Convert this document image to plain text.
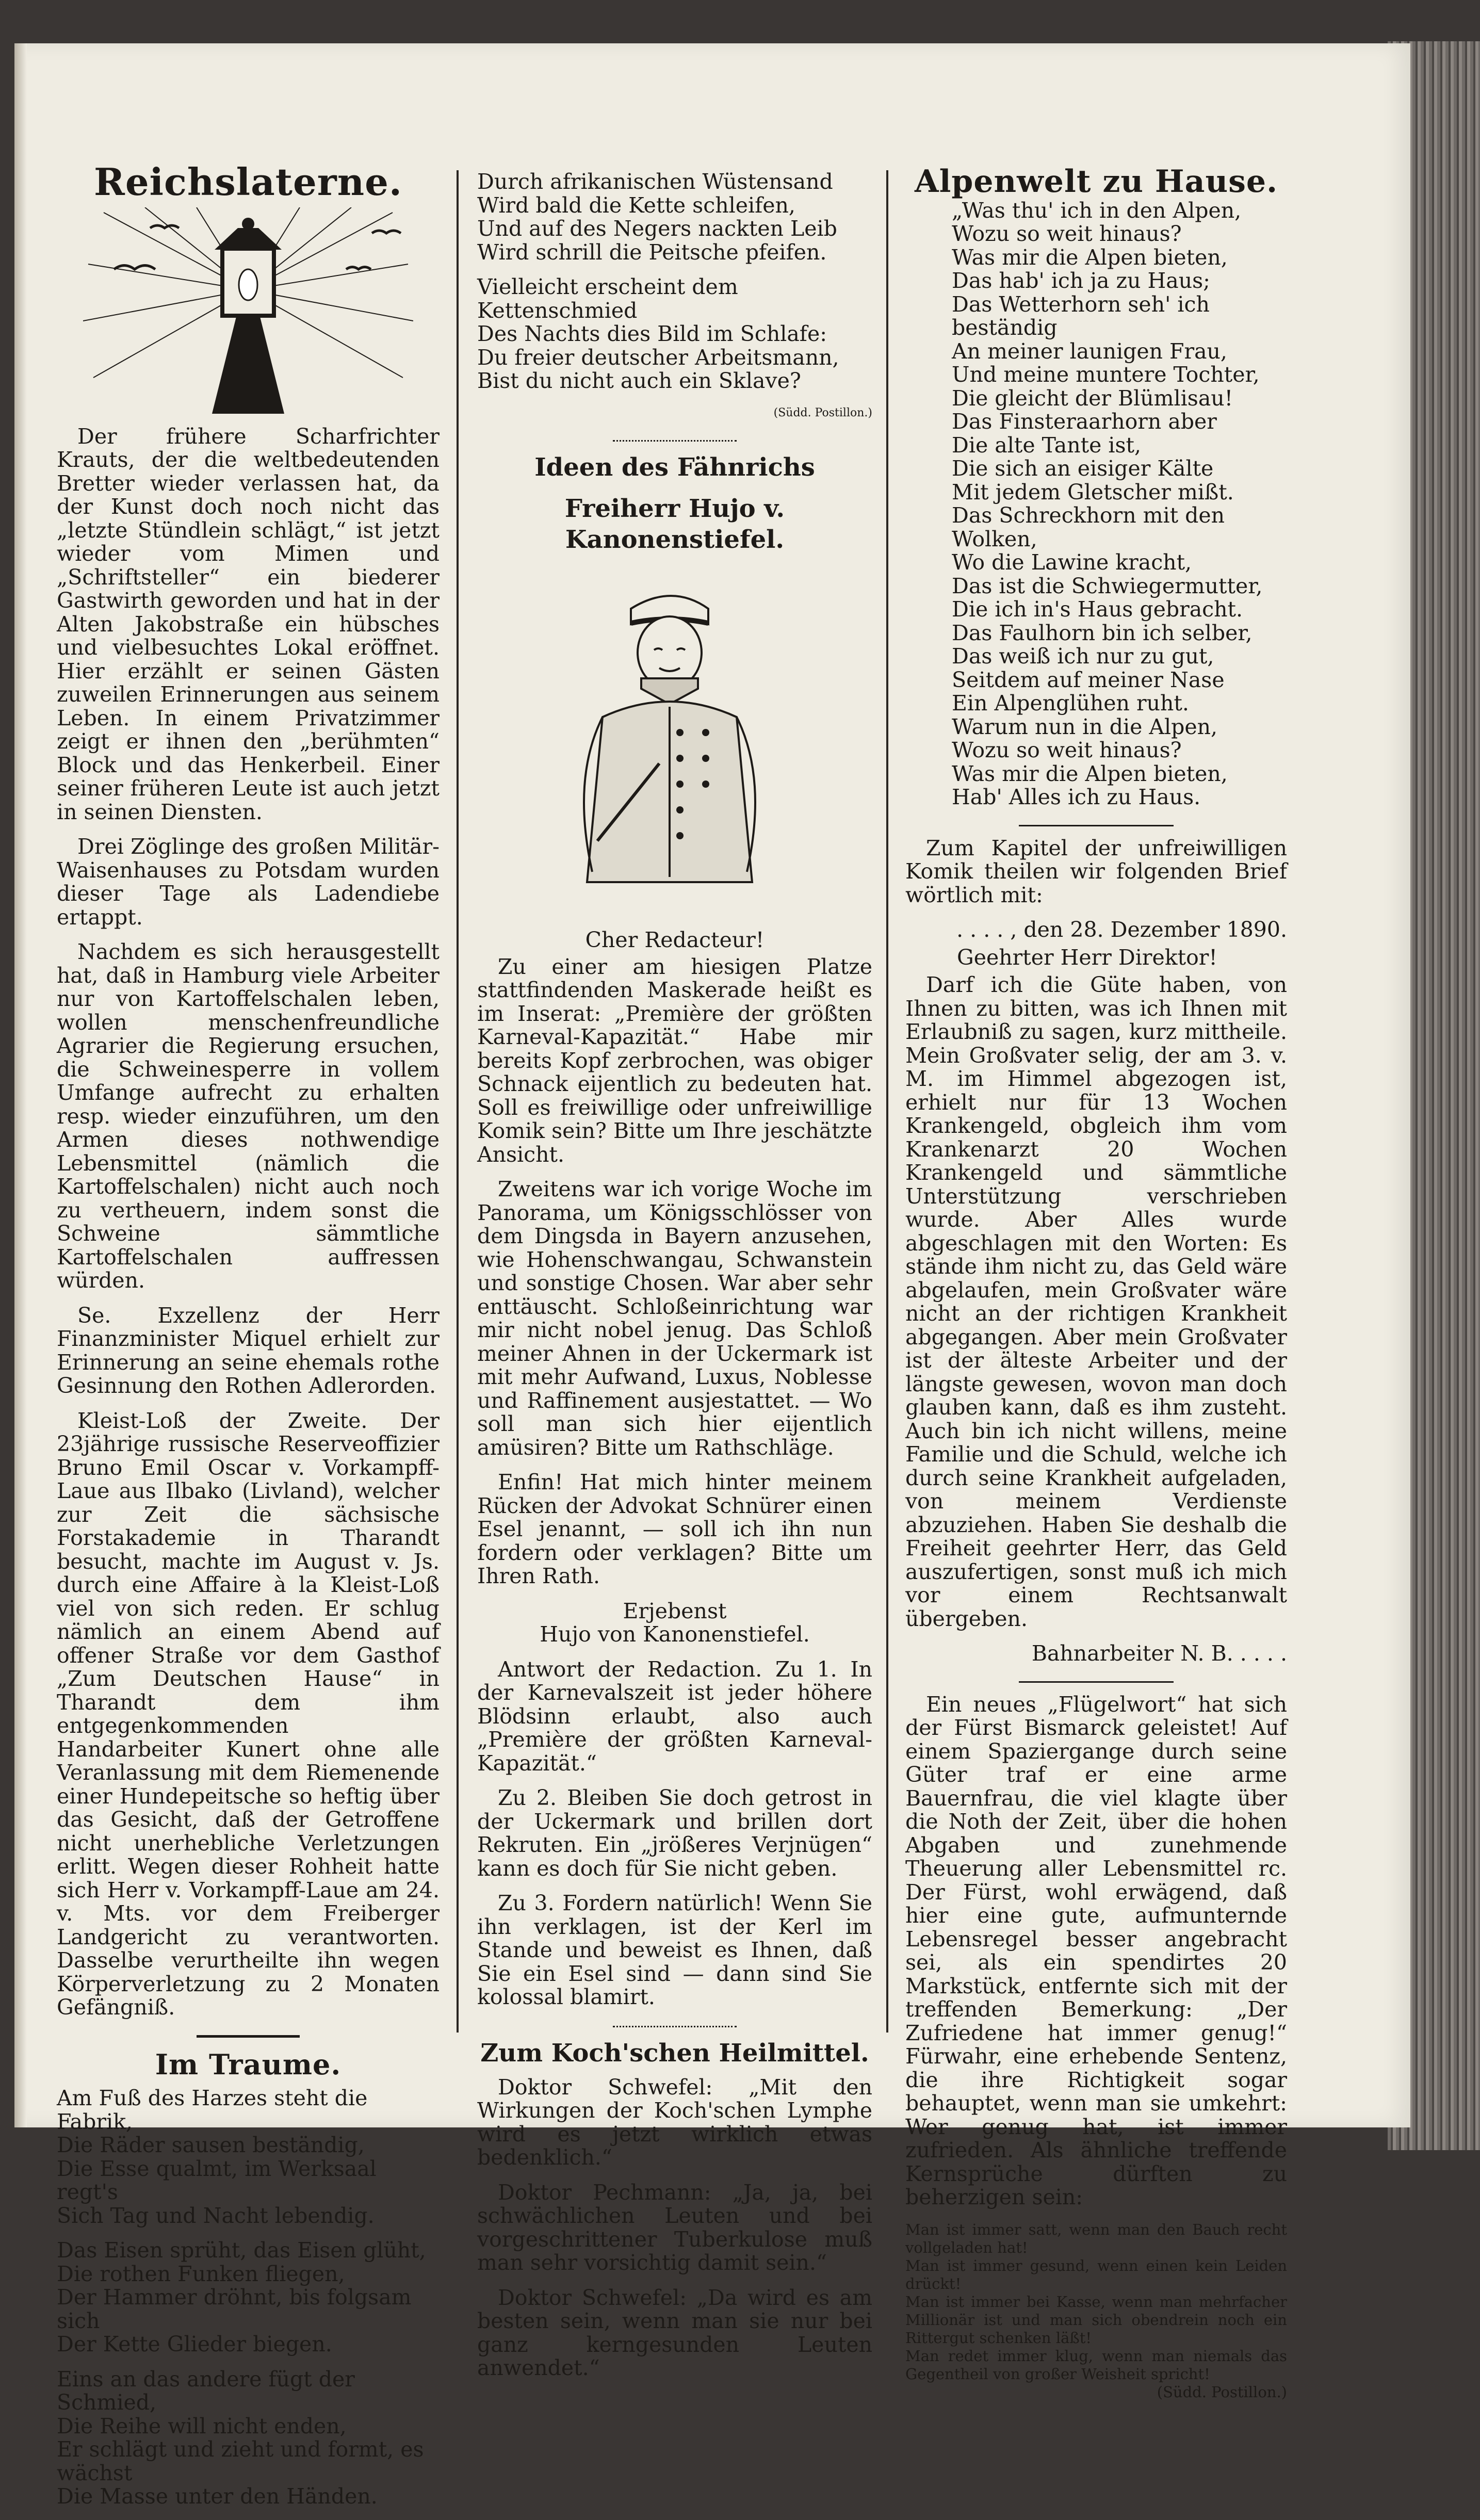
Reichslaterne.

Der frühere Scharfrichter Krauts, der die weltbedeutenden Bretter wieder verlassen hat, da der Kunst doch noch nicht das „letzte Stündlein schlägt,“ ist jetzt wieder vom Mimen und „Schriftsteller“ ein biederer Gastwirth geworden und hat in der Alten Jakobstraße ein hübsches und vielbesuchtes Lokal eröffnet. Hier erzählt er seinen Gästen zuweilen Erinnerungen aus seinem Leben. In einem Privatzimmer zeigt er ihnen den „berühmten“ Block und das Henkerbeil. Einer seiner früheren Leute ist auch jetzt in seinen Diensten.

Drei Zöglinge des großen Militär-Waisenhauses zu Potsdam wurden dieser Tage als Ladendiebe ertappt.

Nachdem es sich herausgestellt hat, daß in Hamburg viele Arbeiter nur von Kartoffelschalen leben, wollen menschenfreundliche Agrarier die Regierung ersuchen, die Schweinesperre in vollem Umfange aufrecht zu erhalten resp. wieder einzuführen, um den Armen dieses nothwendige Lebensmittel (nämlich die Kartoffelschalen) nicht auch noch zu vertheuern, indem sonst die Schweine sämmtliche Kartoffelschalen auffressen würden.

Se. Exzellenz der Herr Finanzminister Miquel erhielt zur Erinnerung an seine ehemals rothe Gesinnung den Rothen Adlerorden.

Kleist-Loß der Zweite. Der 23jährige russische Reserveoffizier Bruno Emil Oscar v. Vorkampff-Laue aus Ilbako (Livland), welcher zur Zeit die sächsische Forstakademie in Tharandt besucht, machte im August v. Js. durch eine Affaire à la Kleist-Loß viel von sich reden. Er schlug nämlich an einem Abend auf offener Straße vor dem Gasthof „Zum Deutschen Hause“ in Tharandt dem ihm entgegenkommenden Handarbeiter Kunert ohne alle Veranlassung mit dem Riemenende einer Hundepeitsche so heftig über das Gesicht, daß der Getroffene nicht unerhebliche Verletzungen erlitt. Wegen dieser Rohheit hatte sich Herr v. Vorkampff-Laue am 24. v. Mts. vor dem Freiberger Landgericht zu verantworten. Dasselbe verurtheilte ihn wegen Körperverletzung zu 2 Monaten Gefängniß.

Im Traume.
Am Fuß des Harzes steht die Fabrik,
Die Räder sausen beständig,
Die Esse qualmt, im Werksaal regt's
Sich Tag und Nacht lebendig.
Das Eisen sprüht, das Eisen glüht,
Die rothen Funken fliegen,
Der Hammer dröhnt, bis folgsam sich
Der Kette Glieder biegen.
Eins an das andere fügt der Schmied,
Die Reihe will nicht enden,
Er schlägt und zieht und formt, es wächst
Die Masse unter den Händen.
Durch afrikanischen Wüstensand
Wird bald die Kette schleifen,
Und auf des Negers nackten Leib
Wird schrill die Peitsche pfeifen.
Vielleicht erscheint dem Kettenschmied
Des Nachts dies Bild im Schlafe:
Du freier deutscher Arbeitsmann,
Bist du nicht auch ein Sklave?
(Südd. Postillon.)
Ideen des Fähnrichs
Freiherr Hujo v. Kanonenstiefel.
Cher Redacteur!

Zu einer am hiesigen Platze stattfindenden Maskerade heißt es im Inserat: „Première der größten Karneval-Kapazität.“ Habe mir bereits Kopf zerbrochen, was obiger Schnack eijentlich zu bedeuten hat. Soll es freiwillige oder unfreiwillige Komik sein? Bitte um Ihre jeschätzte Ansicht.

Zweitens war ich vorige Woche im Panorama, um Königsschlösser von dem Dingsda in Bayern anzusehen, wie Hohenschwangau, Schwanstein und sonstige Chosen. War aber sehr enttäuscht. Schloßeinrichtung war mir nicht nobel jenug. Das Schloß meiner Ahnen in der Uckermark ist mit mehr Aufwand, Luxus, Noblesse und Raffinement ausjestattet. — Wo soll man sich hier eijentlich amüsiren? Bitte um Rathschläge.

Enfin! Hat mich hinter meinem Rücken der Advokat Schnürer einen Esel jenannt, — soll ich ihn nun fordern oder verklagen? Bitte um Ihren Rath.

Erjebenst
Hujo von Kanonenstiefel.

Antwort der Redaction. Zu 1. In der Karnevalszeit ist jeder höhere Blödsinn erlaubt, also auch „Première der größten Karneval-Kapazität.“

Zu 2. Bleiben Sie doch getrost in der Uckermark und brillen dort Rekruten. Ein „jrößeres Verjnügen“ kann es doch für Sie nicht geben.

Zu 3. Fordern natürlich! Wenn Sie ihn verklagen, ist der Kerl im Stande und beweist es Ihnen, daß Sie ein Esel sind — dann sind Sie kolossal blamirt.

Zum Koch'schen Heilmittel.

Doktor Schwefel: „Mit den Wirkungen der Koch'schen Lymphe wird es jetzt wirklich etwas bedenklich.“

Doktor Pechmann: „Ja, ja, bei schwächlichen Leuten und bei vorgeschrittener Tuberkulose muß man sehr vorsichtig damit sein.“

Doktor Schwefel: „Da wird es am besten sein, wenn man sie nur bei ganz kerngesunden Leuten anwendet.“

Alpenwelt zu Hause.
„Was thu' ich in den Alpen,
Wozu so weit hinaus?
Was mir die Alpen bieten,
Das hab' ich ja zu Haus;
Das Wetterhorn seh' ich beständig
An meiner launigen Frau,
Und meine muntere Tochter,
Die gleicht der Blümlisau!
Das Finsteraarhorn aber
Die alte Tante ist,
Die sich an eisiger Kälte
Mit jedem Gletscher mißt.
Das Schreckhorn mit den Wolken,
Wo die Lawine kracht,
Das ist die Schwiegermutter,
Die ich in's Haus gebracht.
Das Faulhorn bin ich selber,
Das weiß ich nur zu gut,
Seitdem auf meiner Nase
Ein Alpenglühen ruht.
Warum nun in die Alpen,
Wozu so weit hinaus?
Was mir die Alpen bieten,
Hab' Alles ich zu Haus.

Zum Kapitel der unfreiwilligen Komik theilen wir folgenden Brief wörtlich mit:

. . . . , den 28. Dezember 1890.
Geehrter Herr Direktor!

Darf ich die Güte haben, von Ihnen zu bitten, was ich Ihnen mit Erlaubniß zu sagen, kurz mittheile. Mein Großvater selig, der am 3. v. M. im Himmel abgezogen ist, erhielt nur für 13 Wochen Krankengeld, obgleich ihm vom Krankenarzt 20 Wochen Krankengeld und sämmtliche Unterstützung verschrieben wurde. Aber Alles wurde abgeschlagen mit den Worten: Es stände ihm nicht zu, das Geld wäre abgelaufen, mein Großvater wäre nicht an der richtigen Krankheit abgegangen. Aber mein Großvater ist der älteste Arbeiter und der längste gewesen, wovon man doch glauben kann, daß es ihm zusteht. Auch bin ich nicht willens, meine Familie und die Schuld, welche ich durch seine Krankheit aufgeladen, von meinem Verdienste abzuziehen. Haben Sie deshalb die Freiheit geehrter Herr, das Geld auszufertigen, sonst muß ich mich vor einem Rechtsanwalt übergeben.

Bahnarbeiter N. B. . . . .

Ein neues „Flügelwort“ hat sich der Fürst Bismarck geleistet! Auf einem Spaziergange durch seine Güter traf er eine arme Bauernfrau, die viel klagte über die Noth der Zeit, über die hohen Abgaben und zunehmende Theuerung aller Lebensmittel rc. Der Fürst, wohl erwägend, daß hier eine gute, aufmunternde Lebensregel besser angebracht sei, als ein spendirtes 20 Markstück, entfernte sich mit der treffenden Bemerkung: „Der Zufriedene hat immer genug!“ Fürwahr, eine erhebende Sentenz, die ihre Richtigkeit sogar behauptet, wenn man sie umkehrt: Wer genug hat, ist immer zufrieden. Als ähnliche treffende Kernsprüche dürften zu beherzigen sein:

Man ist immer satt, wenn man den Bauch recht vollgeladen hat!
Man ist immer gesund, wenn einen kein Leiden drückt!
Man ist immer bei Kasse, wenn man mehrfacher Millionär ist und man sich obendrein noch ein Rittergut schenken läßt!
Man redet immer klug, wenn man niemals das Gegentheil von großer Weisheit spricht!
(Südd. Postillon.)
